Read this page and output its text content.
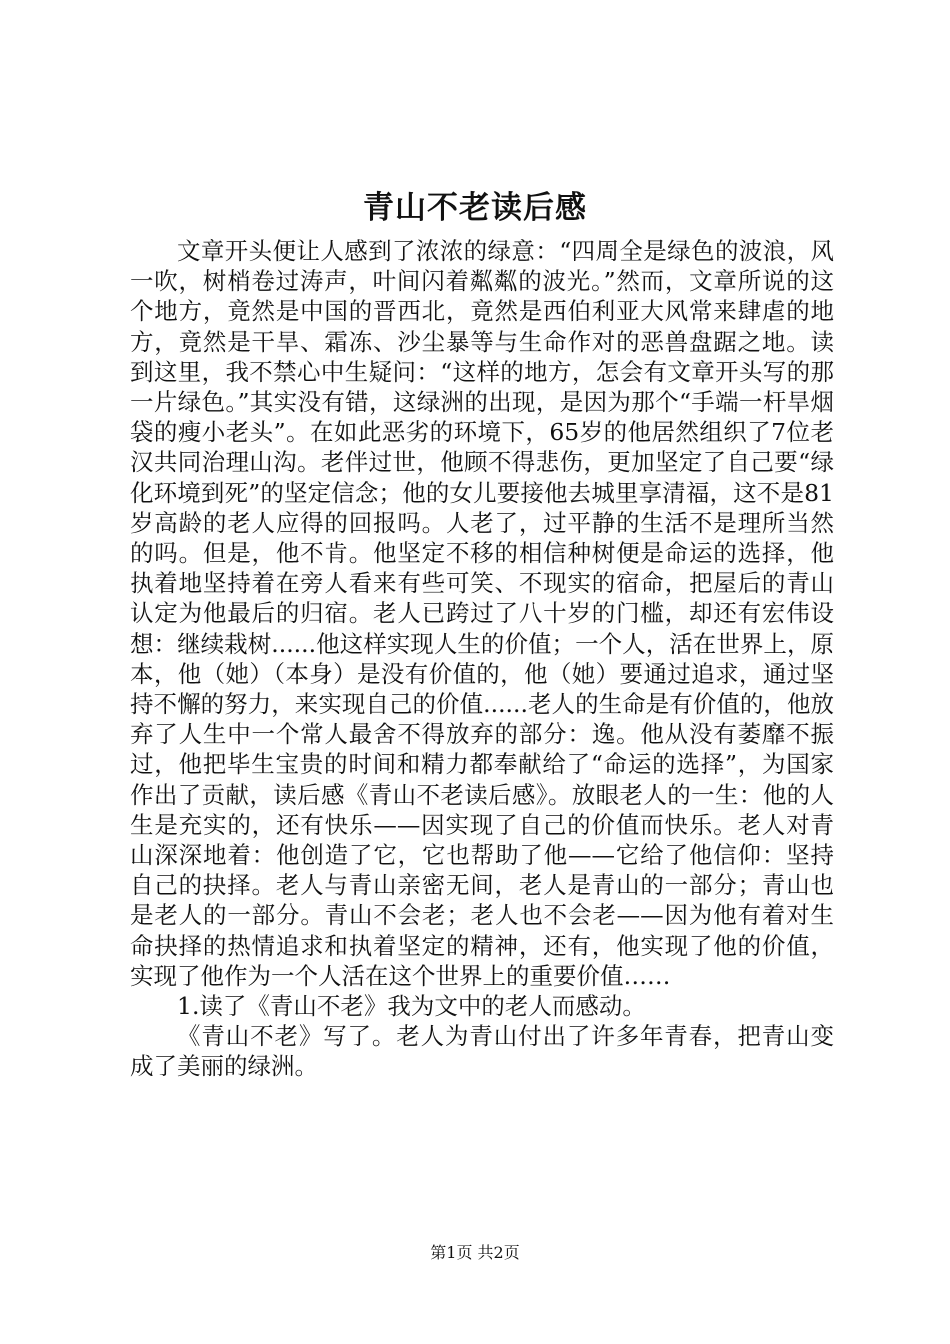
青山不老读后感

文章开头便让人感到了浓浓的绿意：“四周全是绿色的波浪，风一吹，树梢卷过涛声，叶间闪着粼粼的波光。”然而，文章所说的这个地方，竟然是中国的晋西北，竟然是西伯利亚大风常来肆虐的地方，竟然是干旱、霜冻、沙尘暴等与生命作对的恶兽盘踞之地。读到这里，我不禁心中生疑问：“这样的地方，怎会有文章开头写的那一片绿色。”其实没有错，这绿洲的出现，是因为那个“手端一杆旱烟袋的瘦小老头”。在如此恶劣的环境下，65岁的他居然组织了7位老汉共同治理山沟。老伴过世，他顾不得悲伤，更加坚定了自己要“绿化环境到死”的坚定信念；他的女儿要接他去城里享清福，这不是81岁高龄的老人应得的回报吗。人老了，过平静的生活不是理所当然的吗。但是，他不肯。他坚定不移的相信种树便是命运的选择，他执着地坚持着在旁人看来有些可笑、不现实的宿命，把屋后的青山认定为他最后的归宿。老人已跨过了八十岁的门槛，却还有宏伟设想：继续栽树......他这样实现人生的价值；一个人，活在世界上，原本，他（她）（本身）是没有价值的，他（她）要通过追求，通过坚持不懈的努力，来实现自己的价值......老人的生命是有价值的，他放弃了人生中一个常人最舍不得放弃的部分：逸。他从没有萎靡不振过，他把毕生宝贵的时间和精力都奉献给了“命运的选择”，为国家作出了贡献，读后感《青山不老读后感》。放眼老人的一生：他的人生是充实的，还有快乐——因实现了自己的价值而快乐。老人对青山深深地着：他创造了它，它也帮助了他——它给了他信仰：坚持自己的抉择。老人与青山亲密无间，老人是青山的一部分；青山也是老人的一部分。青山不会老；老人也不会老——因为他有着对生命抉择的热情追求和执着坚定的精神，还有，他实现了他的价值，实现了他作为一个人活在这个世界上的重要价值……

1.读了《青山不老》我为文中的老人而感动。

《青山不老》写了。老人为青山付出了许多年青春，把青山变成了美丽的绿洲。

第1页 共2页
